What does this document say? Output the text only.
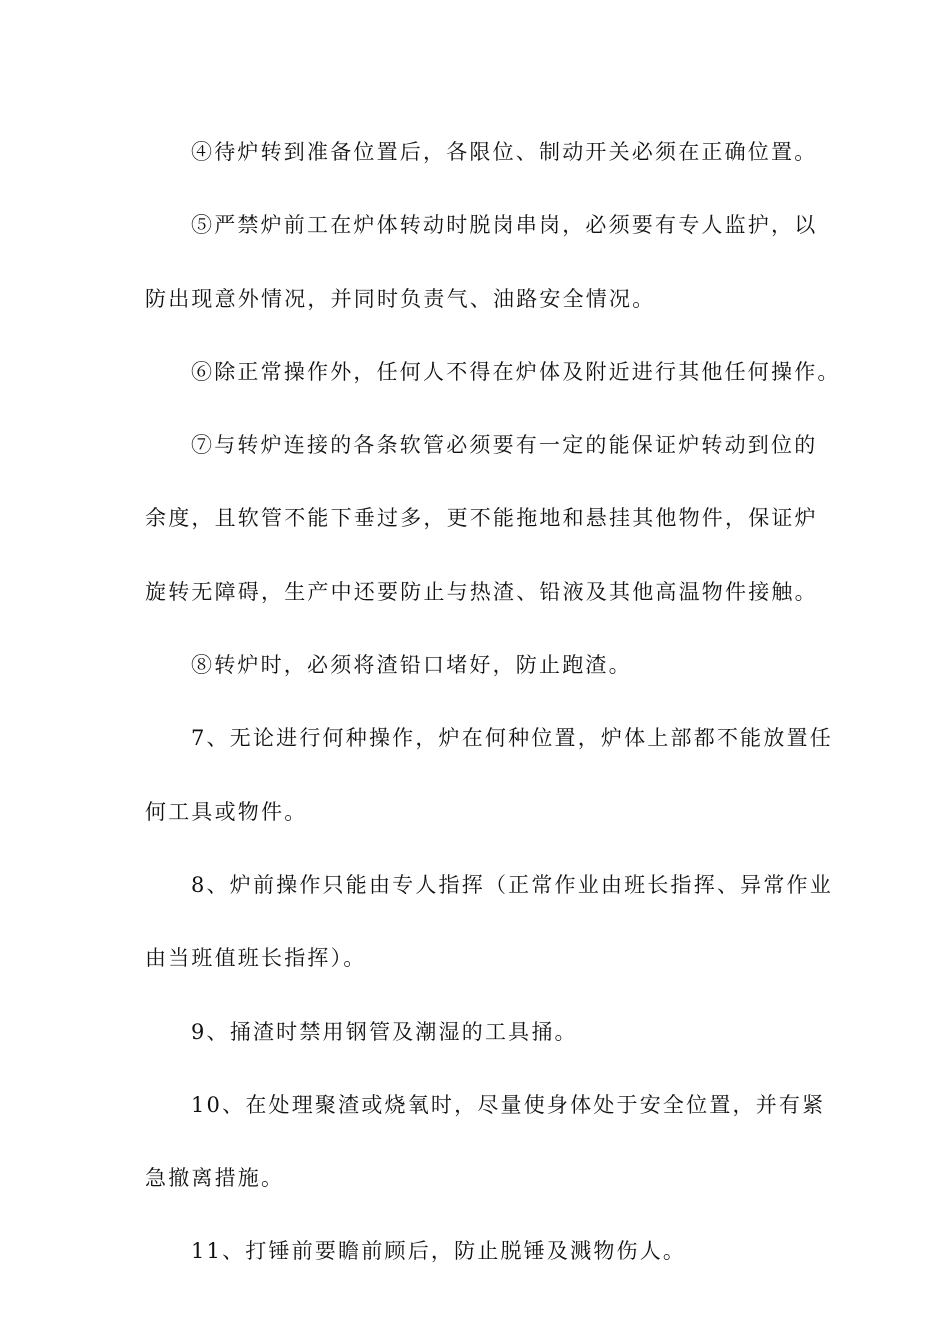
④待炉转到准备位置后，各限位、制动开关必须在正确位置。
⑤严禁炉前工在炉体转动时脱岗串岗，必须要有专人监护，以
防出现意外情况，并同时负责气、油路安全情况。
⑥除正常操作外，任何人不得在炉体及附近进行其他任何操作。
⑦与转炉连接的各条软管必须要有一定的能保证炉转动到位的
余度，且软管不能下垂过多，更不能拖地和悬挂其他物件，保证炉
旋转无障碍，生产中还要防止与热渣、铅液及其他高温物件接触。
⑧转炉时，必须将渣铅口堵好，防止跑渣。
7、无论进行何种操作，炉在何种位置，炉体上部都不能放置任
何工具或物件。
8、炉前操作只能由专人指挥（正常作业由班长指挥、异常作业
由当班值班长指挥）。
9、捅渣时禁用钢管及潮湿的工具捅。
10、在处理聚渣或烧氧时，尽量使身体处于安全位置，并有紧
急撤离措施。
11、打锤前要瞻前顾后，防止脱锤及溅物伤人。
